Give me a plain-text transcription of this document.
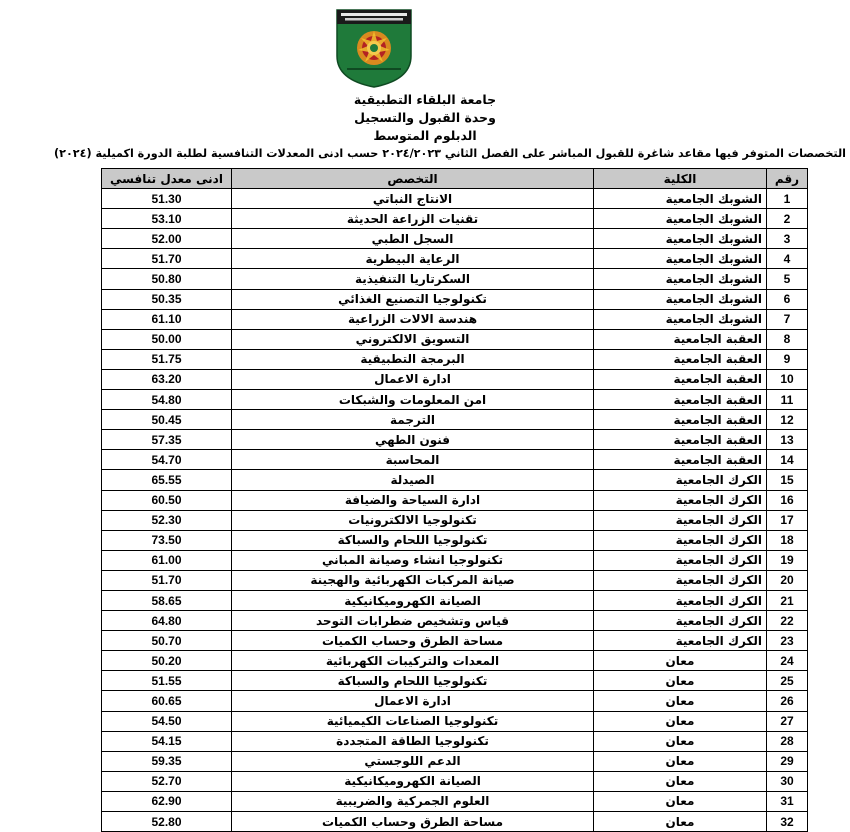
جامعة البلقاء التطبيقية
وحدة القبول والتسجيل
الدبلوم المتوسط
التخصصات المتوفر فيها مقاعد شاغرة للقبول المباشر على الفصل الثاني ٢٠٢٤/٢٠٢٣ حسب ادنى المعدلات التنافسية لطلبة الدورة اكميلية (٢٠٢٤)
رقم	الكلية	التخصص	ادنى معدل تنافسي
1	الشوبك الجامعية	الانتاج النباتي	51.30
2	الشوبك الجامعية	تقنيات الزراعة الحديثة	53.10
3	الشوبك الجامعية	السجل الطبي	52.00
4	الشوبك الجامعية	الرعاية البيطرية	51.70
5	الشوبك الجامعية	السكرتاريا التنفيذية	50.80
6	الشوبك الجامعية	تكنولوجيا التصنيع الغذائي	50.35
7	الشوبك الجامعية	هندسة الالات الزراعية	61.10
8	العقبة الجامعية	التسويق الالكتروني	50.00
9	العقبة الجامعية	البرمجة التطبيقية	51.75
10	العقبة الجامعية	ادارة الاعمال	63.20
11	العقبة الجامعية	امن المعلومات والشبكات	54.80
12	العقبة الجامعية	الترجمة	50.45
13	العقبة الجامعية	فنون الطهي	57.35
14	العقبة الجامعية	المحاسبة	54.70
15	الكرك الجامعية	الصيدلة	65.55
16	الكرك الجامعية	ادارة السياحة والضيافة	60.50
17	الكرك الجامعية	تكنولوجيا الالكترونيات	52.30
18	الكرك الجامعية	تكنولوجيا اللحام والسباكة	73.50
19	الكرك الجامعية	تكنولوجيا انشاء وصيانة المباني	61.00
20	الكرك الجامعية	صيانة المركبات الكهربائية والهجينة	51.70
21	الكرك الجامعية	الصيانة الكهروميكانيكية	58.65
22	الكرك الجامعية	قياس وتشخيص ضطرابات التوحد	64.80
23	الكرك الجامعية	مساحة الطرق وحساب الكميات	50.70
24	معان	المعدات والتركيبات الكهربائية	50.20
25	معان	تكنولوجيا اللحام والسباكة	51.55
26	معان	ادارة الاعمال	60.65
27	معان	تكنولوجيا الصناعات الكيميائية	54.50
28	معان	تكنولوجيا الطاقة المتجددة	54.15
29	معان	الدعم اللوجستي	59.35
30	معان	الصيانة الكهروميكانيكية	52.70
31	معان	العلوم الجمركية والضريبية	62.90
32	معان	مساحة الطرق وحساب الكميات	52.80
